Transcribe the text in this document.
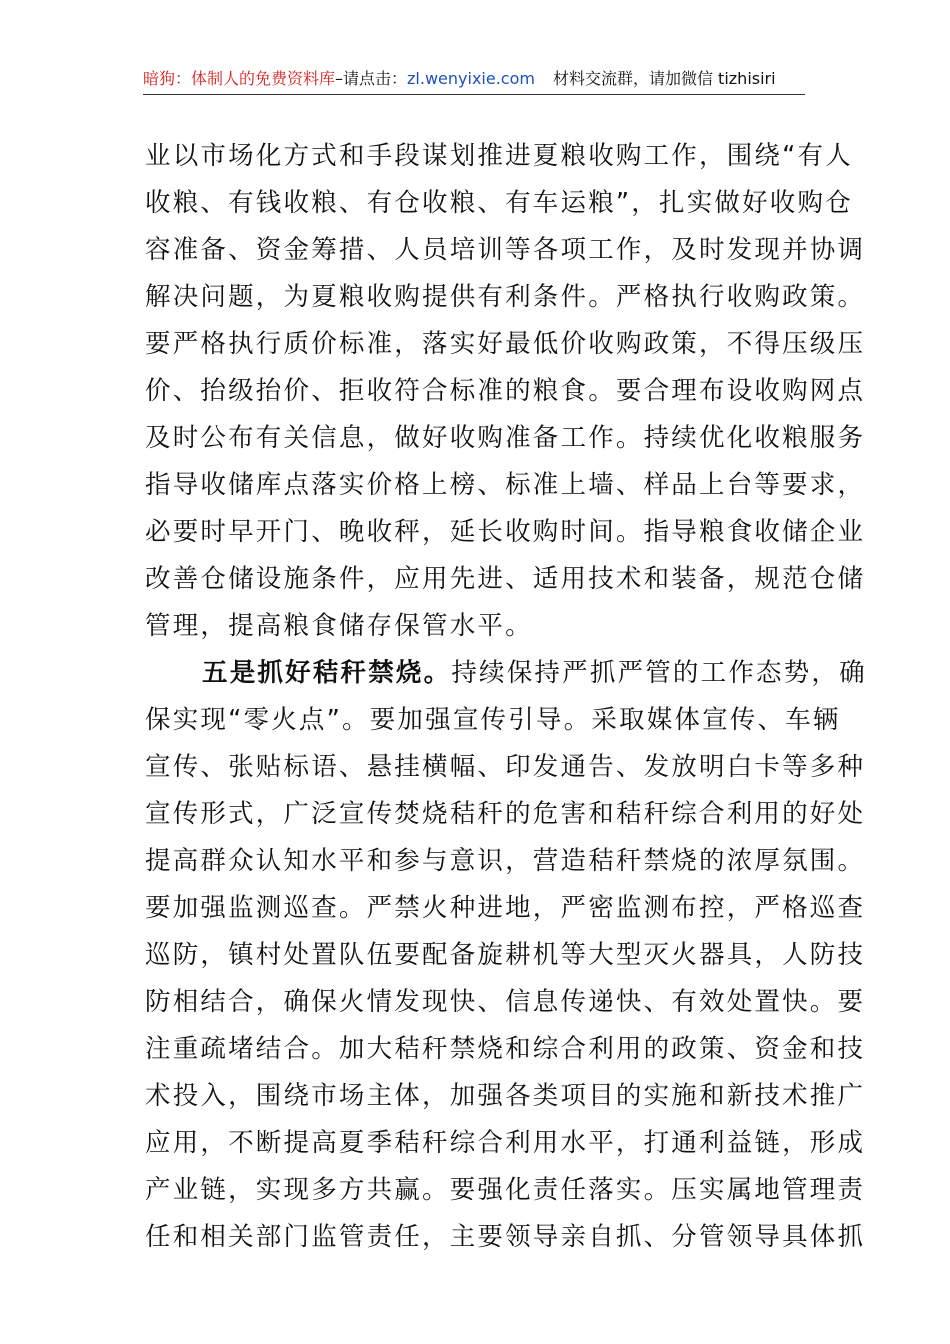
暗狗：体制人的免费资料库 –请点击： zl.wenyixie.com 材料交流群，请加微信 tizhisiri
业以市场化方式和手段谋划推进夏粮收购工作，围绕“有人
收粮、有钱收粮、有仓收粮、有车运粮”，扎实做好收购仓
容准备、资金筹措、人员培训等各项工作，及时发现并协调
解决问题，为夏粮收购提供有利条件。严格执行收购政策。
要严格执行质价标准，落实好最低价收购政策，不得压级压
价、抬级抬价、拒收符合标准的粮食。要合理布设收购网点
及时公布有关信息，做好收购准备工作。持续优化收粮服务
指导收储库点落实价格上榜、标准上墙、样品上台等要求，
必要时早开门、晚收秤，延长收购时间。指导粮食收储企业
改善仓储设施条件，应用先进、适用技术和装备，规范仓储
管理，提高粮食储存保管水平。
五是抓好秸秆禁烧。持续保持严抓严管的工作态势，确
保实现“零火点”。要加强宣传引导。采取媒体宣传、车辆
宣传、张贴标语、悬挂横幅、印发通告、发放明白卡等多种
宣传形式，广泛宣传焚烧秸秆的危害和秸秆综合利用的好处
提高群众认知水平和参与意识，营造秸秆禁烧的浓厚氛围。
要加强监测巡查。严禁火种进地，严密监测布控，严格巡查
巡防，镇村处置队伍要配备旋耕机等大型灭火器具，人防技
防相结合，确保火情发现快、信息传递快、有效处置快。要
注重疏堵结合。加大秸秆禁烧和综合利用的政策、资金和技
术投入，围绕市场主体，加强各类项目的实施和新技术推广
应用，不断提高夏季秸秆综合利用水平，打通利益链，形成
产业链，实现多方共赢。要强化责任落实。压实属地管理责
任和相关部门监管责任，主要领导亲自抓、分管领导具体抓
